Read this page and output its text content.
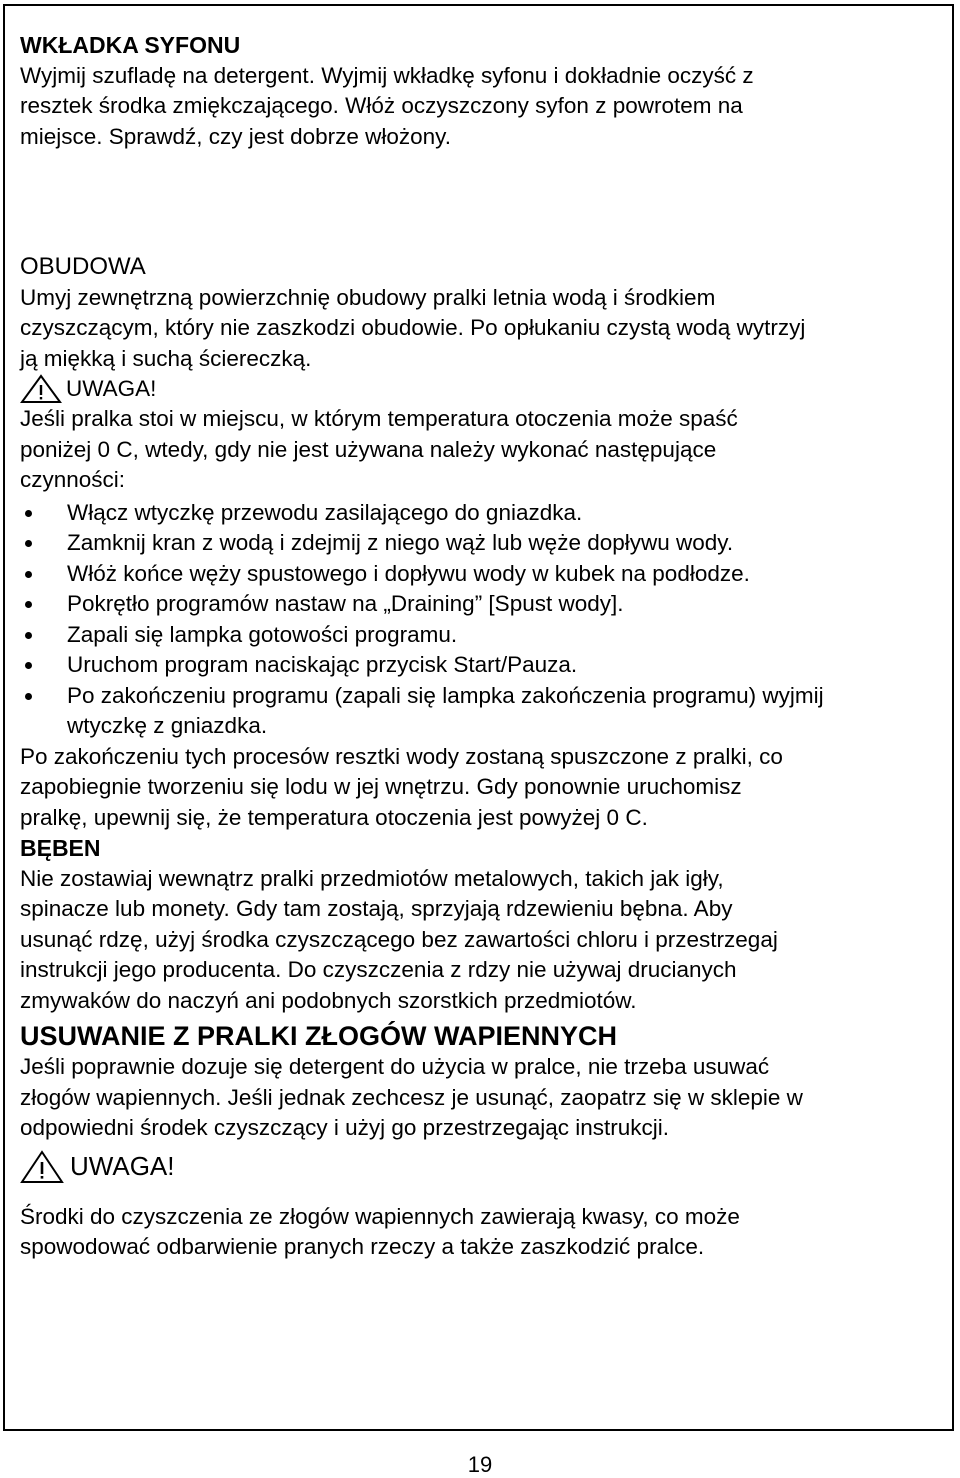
WKŁADKA SYFONU

Wyjmij szufladę na detergent. Wyjmij wkładkę syfonu i dokładnie oczyść z

resztek środka zmiękczającego. Włóż oczyszczony syfon z powrotem na

miejsce. Sprawdź, czy jest dobrze włożony.

OBUDOWA

Umyj zewnętrzną powierzchnię obudowy pralki letnia wodą i środkiem

czyszczącym, który nie zaszkodzi obudowie. Po opłukaniu czystą wodą wytrzyj

ją miękką i suchą ściereczką.

UWAGA!

Jeśli pralka stoi w miejscu, w którym temperatura otoczenia może spaść

poniżej 0 C, wtedy, gdy nie jest używana należy wykonać następujące

czynności:

Włącz wtyczkę przewodu zasilającego do gniazdka.
Zamknij kran z wodą i zdejmij z niego wąż lub węże dopływu wody.
Włóż końce węży spustowego i dopływu wody w kubek na podłodze.
Pokrętło programów nastaw na „Draining” [Spust wody].
Zapali się lampka gotowości programu.
Uruchom program naciskając przycisk Start/Pauza.
Po zakończeniu programu (zapali się lampka zakończenia programu) wyjmij wtyczkę z gniazdka.

Po zakończeniu tych procesów resztki wody zostaną spuszczone z pralki, co

zapobiegnie tworzeniu się lodu w jej wnętrzu. Gdy ponownie uruchomisz

pralkę, upewnij się, że temperatura otoczenia jest powyżej 0 C.

BĘBEN

Nie zostawiaj wewnątrz pralki przedmiotów metalowych, takich jak igły,

spinacze lub monety. Gdy tam zostają, sprzyjają rdzewieniu bębna. Aby

usunąć rdzę, użyj środka czyszczącego bez zawartości chloru i przestrzegaj

instrukcji jego producenta. Do czyszczenia z rdzy nie używaj drucianych

zmywaków do naczyń ani podobnych szorstkich przedmiotów.

USUWANIE Z PRALKI ZŁOGÓW WAPIENNYCH

Jeśli poprawnie dozuje się detergent do użycia w pralce, nie trzeba usuwać

złogów wapiennych. Jeśli jednak zechcesz je usunąć, zaopatrz się w sklepie w

odpowiedni środek czyszczący i użyj go przestrzegając instrukcji.

UWAGA!

Środki do czyszczenia ze złogów wapiennych zawierają kwasy, co może

spowodować odbarwienie pranych rzeczy a także zaszkodzić pralce.

19
